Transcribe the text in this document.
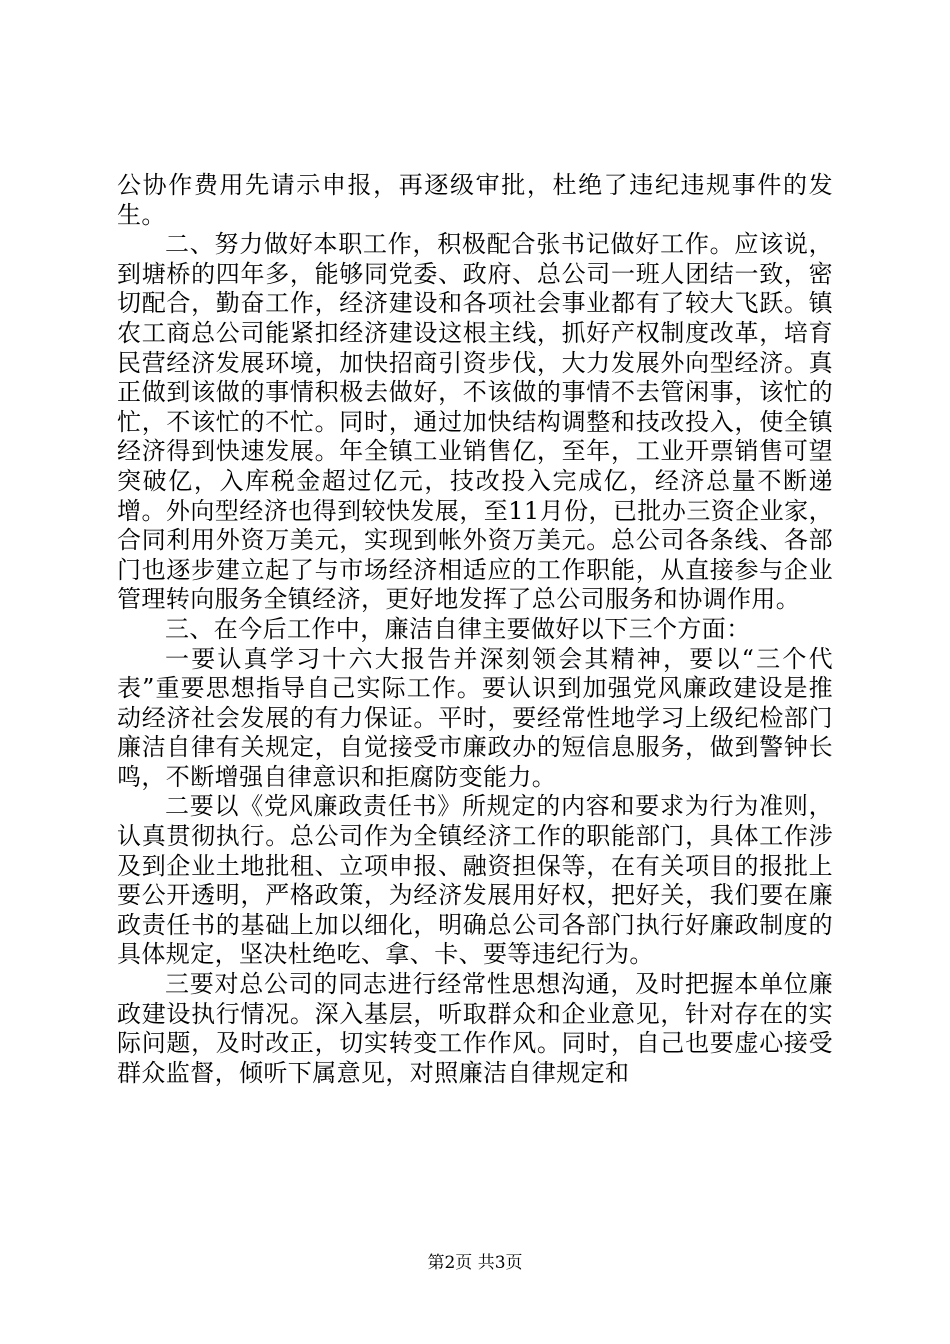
公协作费用先请示申报，再逐级审批，杜绝了违纪违规事件的发生。

二、努力做好本职工作，积极配合张书记做好工作。应该说，到塘桥的四年多，能够同党委、政府、总公司一班人团结一致，密切配合，勤奋工作，经济建设和各项社会事业都有了较大飞跃。镇农工商总公司能紧扣经济建设这根主线，抓好产权制度改革，培育民营经济发展环境，加快招商引资步伐，大力发展外向型经济。真正做到该做的事情积极去做好，不该做的事情不去管闲事，该忙的忙，不该忙的不忙。同时，通过加快结构调整和技改投入，使全镇经济得到快速发展。年全镇工业销售亿，至年，工业开票销售可望突破亿，入库税金超过亿元，技改投入完成亿，经济总量不断递增。外向型经济也得到较快发展，至11月份，已批办三资企业家，合同利用外资万美元，实现到帐外资万美元。总公司各条线、各部门也逐步建立起了与市场经济相适应的工作职能，从直接参与企业管理转向服务全镇经济，更好地发挥了总公司服务和协调作用。

三、在今后工作中，廉洁自律主要做好以下三个方面：

一要认真学习十六大报告并深刻领会其精神，要以“三个代表”重要思想指导自己实际工作。要认识到加强党风廉政建设是推动经济社会发展的有力保证。平时，要经常性地学习上级纪检部门廉洁自律有关规定，自觉接受市廉政办的短信息服务，做到警钟长鸣，不断增强自律意识和拒腐防变能力。

二要以《党风廉政责任书》所规定的内容和要求为行为准则，认真贯彻执行。总公司作为全镇经济工作的职能部门，具体工作涉及到企业土地批租、立项申报、融资担保等，在有关项目的报批上要公开透明，严格政策，为经济发展用好权，把好关，我们要在廉政责任书的基础上加以细化，明确总公司各部门执行好廉政制度的具体规定，坚决杜绝吃、拿、卡、要等违纪行为。

三要对总公司的同志进行经常性思想沟通，及时把握本单位廉政建设执行情况。深入基层，听取群众和企业意见，针对存在的实际问题，及时改正，切实转变工作作风。同时，自己也要虚心接受群众监督，倾听下属意见，对照廉洁自律规定和

第2页 共3页
